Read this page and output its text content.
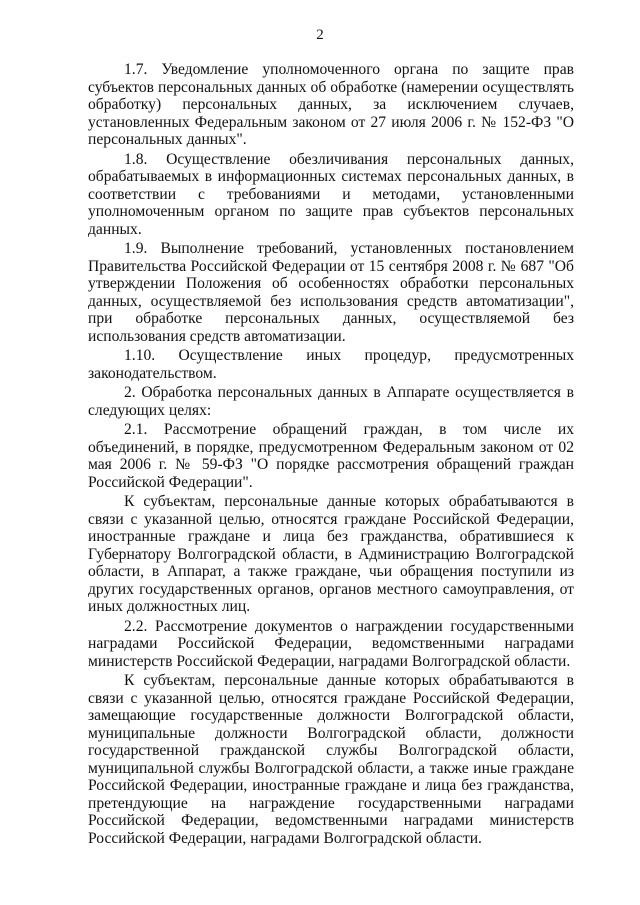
2

1.7. Уведомление уполномоченного органа по защите прав субъектов персональных данных об обработке (намерении осуществлять обработку) персональных данных, за исключением случаев, установленных Федеральным законом от 27 июля 2006 г. № 152-ФЗ "О персональных данных".

1.8. Осуществление обезличивания персональных данных, обрабатываемых в информационных системах персональных данных, в соответствии с требованиями и методами, установленными уполномоченным органом по защите прав субъектов персональных данных.

1.9. Выполнение требований, установленных постановлением Правительства Российской Федерации от 15 сентября 2008 г. № 687 "Об утверждении Положения об особенностях обработки персональных данных, осуществляемой без использования средств автоматизации", при обработке персональных данных, осуществляемой без использования средств автоматизации.

1.10. Осуществление иных процедур, предусмотренных законодательством.

2. Обработка персональных данных в Аппарате осуществляется в следующих целях:

2.1. Рассмотрение обращений граждан, в том числе их объединений, в порядке, предусмотренном Федеральным законом от 02 мая 2006 г. № 59-ФЗ "О порядке рассмотрения обращений граждан Российской Федерации".

К субъектам, персональные данные которых обрабатываются в связи с указанной целью, относятся граждане Российской Федерации, иностранные граждане и лица без гражданства, обратившиеся к Губернатору Волгоградской области, в Администрацию Волгоградской области, в Аппарат, а также граждане, чьи обращения поступили из других государственных органов, органов местного самоуправления, от иных должностных лиц.

2.2. Рассмотрение документов о награждении государственными наградами Российской Федерации, ведомственными наградами министерств Российской Федерации, наградами Волгоградской области.

К субъектам, персональные данные которых обрабатываются в связи с указанной целью, относятся граждане Российской Федерации, замещающие государственные должности Волгоградской области, муниципальные должности Волгоградской области, должности государственной гражданской службы Волгоградской области, муниципальной службы Волгоградской области, а также иные граждане Российской Федерации, иностранные граждане и лица без гражданства, претендующие на награждение государственными наградами Российской Федерации, ведомственными наградами министерств Российской Федерации, наградами Волгоградской области.
